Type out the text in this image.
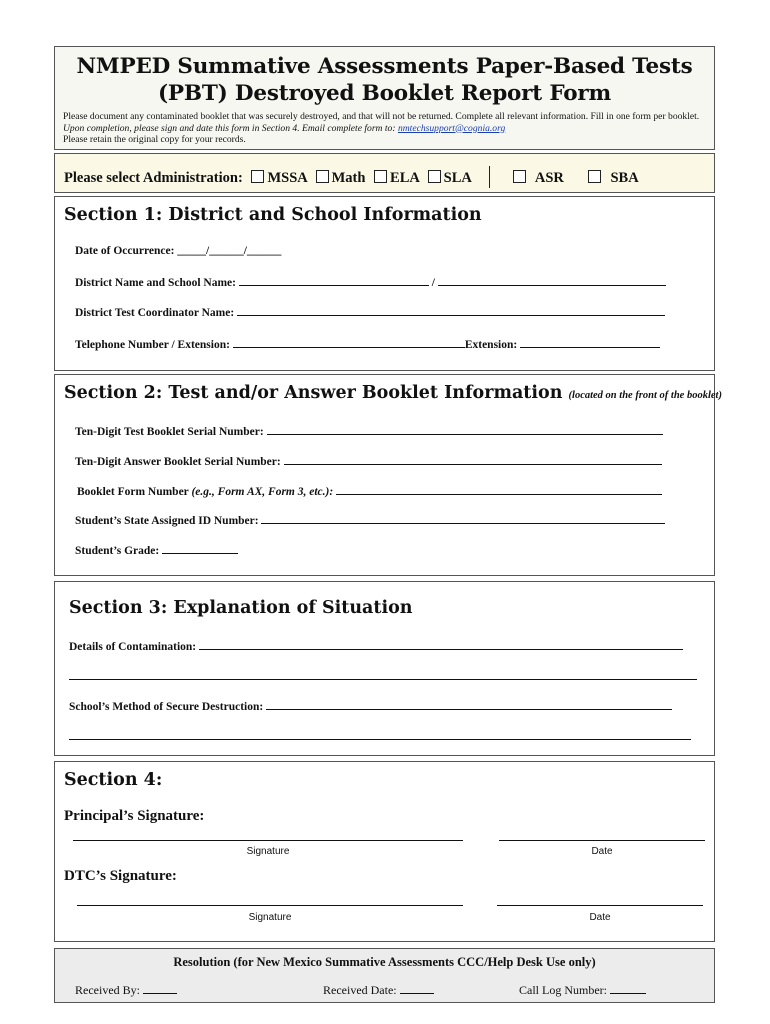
NMPED Summative Assessments Paper-Based Tests
(PBT) Destroyed Booklet Report Form
Please document any contaminated booklet that was securely destroyed, and that will not be returned. Complete all relevant information. Fill in one form per booklet. Upon completion, please sign and date this form in Section 4. Email complete form to: nmtechsupport@cognia.org
Please retain the original copy for your records.
Please select Administration: MSSA Math ELA SLA	ASR	SBA
Section 1: District and School Information
Date of Occurrence: _____/______/______
District Name and School Name:	/
District Test Coordinator Name:
Telephone Number / Extension:	Extension:
Section 2: Test and/or Answer Booklet Information (located on the front of the booklet)
Ten-Digit Test Booklet Serial Number:
Ten-Digit Answer Booklet Serial Number:
Booklet Form Number (e.g., Form AX, Form 3, etc.):
Student’s State Assigned ID Number:
Student’s Grade:
Section 3: Explanation of Situation
Details of Contamination:
School’s Method of Secure Destruction:
Section 4:
Principal’s Signature:
Signature	Date
DTC’s Signature:
Signature	Date
Resolution (for New Mexico Summative Assessments CCC/Help Desk Use only)
Received By:	Received Date:	Call Log Number:
